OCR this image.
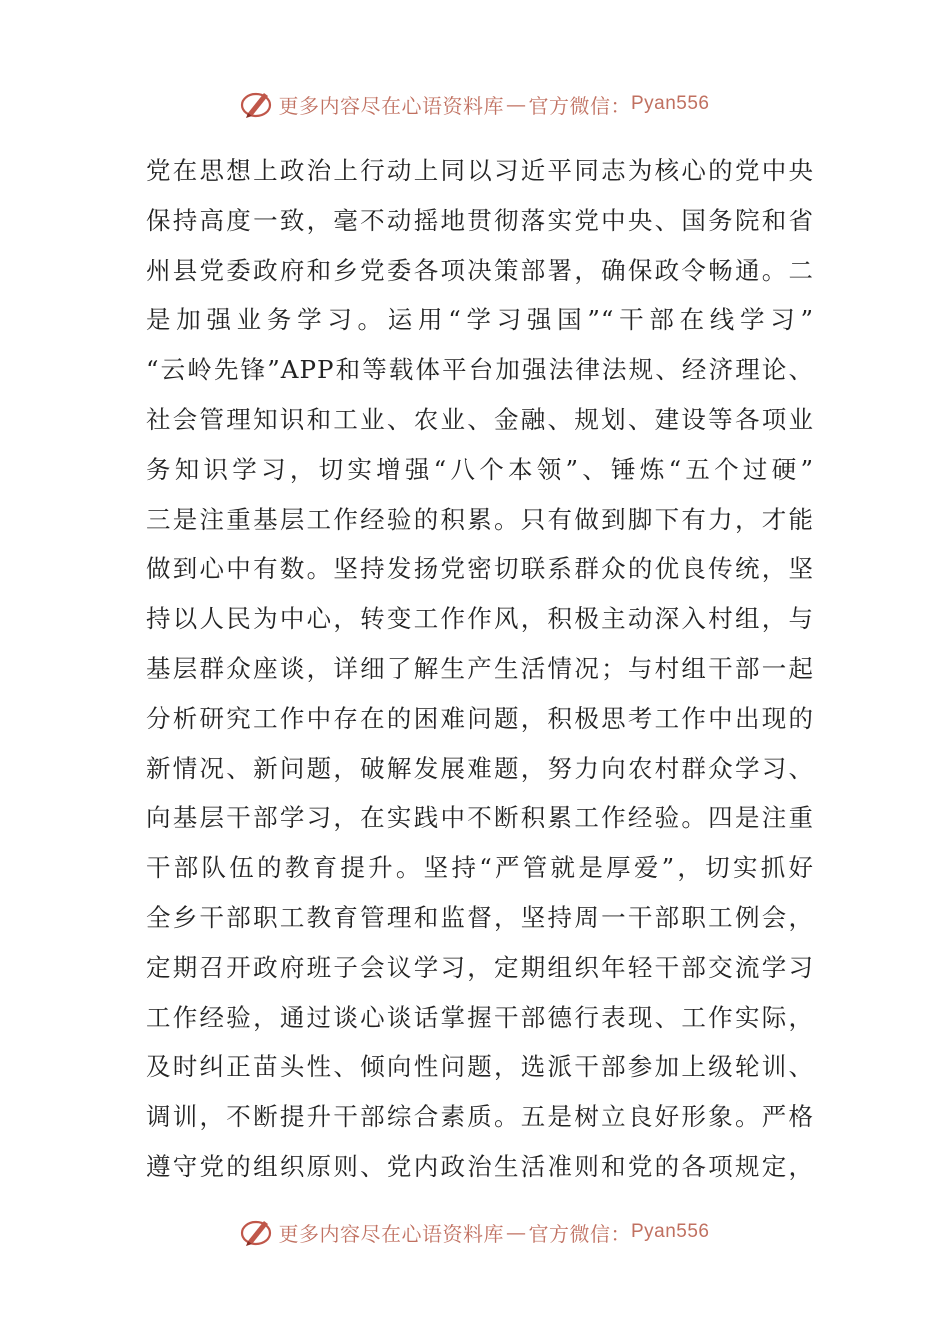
更多内容尽在心语资料库 — 官方微信： Pyan556
党在思想上政治上行动上同以习近平同志为核心的党中央
保持高度一致，毫不动摇地贯彻落实党中央、国务院和省
州县党委政府和乡党委各项决策部署，确保政令畅通。二
是加强业务学习。运用“学习强国”“干部在线学习”
“云岭先锋”APP和等载体平台加强法律法规、经济理论、
社会管理知识和工业、农业、金融、规划、建设等各项业
务知识学习，切实增强“八个本领”、锤炼“五个过硬”
三是注重基层工作经验的积累。只有做到脚下有力，才能
做到心中有数。坚持发扬党密切联系群众的优良传统，坚
持以人民为中心，转变工作作风，积极主动深入村组，与
基层群众座谈，详细了解生产生活情况；与村组干部一起
分析研究工作中存在的困难问题，积极思考工作中出现的
新情况、新问题，破解发展难题，努力向农村群众学习、
向基层干部学习，在实践中不断积累工作经验。四是注重
干部队伍的教育提升。坚持“严管就是厚爱”，切实抓好
全乡干部职工教育管理和监督，坚持周一干部职工例会，
定期召开政府班子会议学习，定期组织年轻干部交流学习
工作经验，通过谈心谈话掌握干部德行表现、工作实际，
及时纠正苗头性、倾向性问题，选派干部参加上级轮训、
调训，不断提升干部综合素质。五是树立良好形象。严格
遵守党的组织原则、党内政治生活准则和党的各项规定，
更多内容尽在心语资料库 — 官方微信： Pyan556
